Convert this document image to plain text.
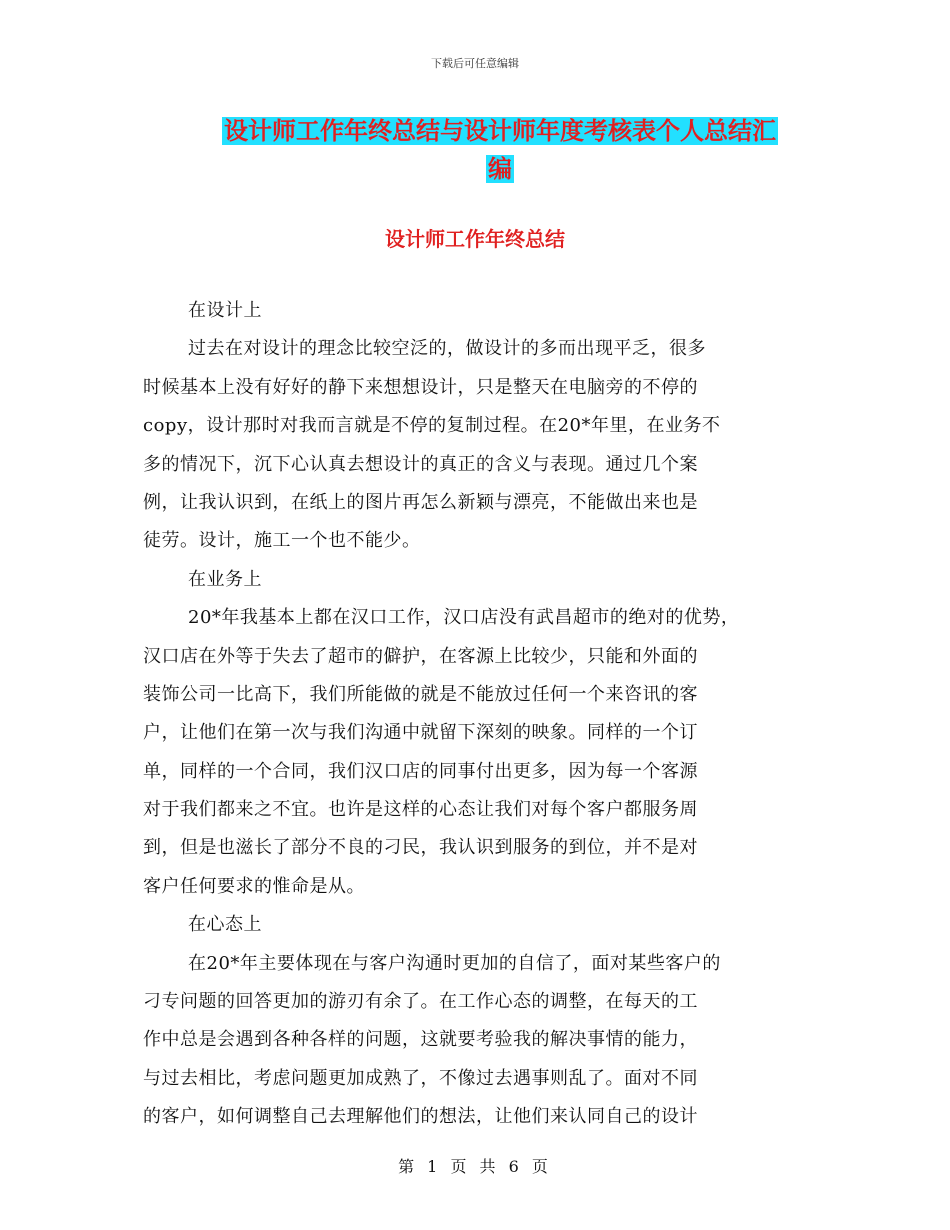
下载后可任意编辑
设计师工作年终总结与设计师年度考核表个人总结汇
编
设计师工作年终总结
在设计上
过去在对设计的理念比较空泛的，做设计的多而出现平乏，很多
时候基本上没有好好的静下来想想设计，只是整天在电脑旁的不停的
copy，设计那时对我而言就是不停的复制过程。在20*年里，在业务不
多的情况下，沉下心认真去想设计的真正的含义与表现。通过几个案
例，让我认识到，在纸上的图片再怎么新颖与漂亮，不能做出来也是
徒劳。设计，施工一个也不能少。
在业务上
20*年我基本上都在汉口工作，汉口店没有武昌超市的绝对的优势，
汉口店在外等于失去了超市的僻护，在客源上比较少，只能和外面的
装饰公司一比高下，我们所能做的就是不能放过任何一个来咨讯的客
户，让他们在第一次与我们沟通中就留下深刻的映象。同样的一个订
单，同样的一个合同，我们汉口店的同事付出更多，因为每一个客源
对于我们都来之不宜。也许是这样的心态让我们对每个客户都服务周
到，但是也滋长了部分不良的刁民，我认识到服务的到位，并不是对
客户任何要求的惟命是从。
在心态上
在20*年主要体现在与客户沟通时更加的自信了，面对某些客户的
刁专问题的回答更加的游刃有余了。在工作心态的调整，在每天的工
作中总是会遇到各种各样的问题，这就要考验我的解决事情的能力，
与过去相比，考虑问题更加成熟了，不像过去遇事则乱了。面对不同
的客户，如何调整自己去理解他们的想法，让他们来认同自己的设计
第 1 页 共 6 页
